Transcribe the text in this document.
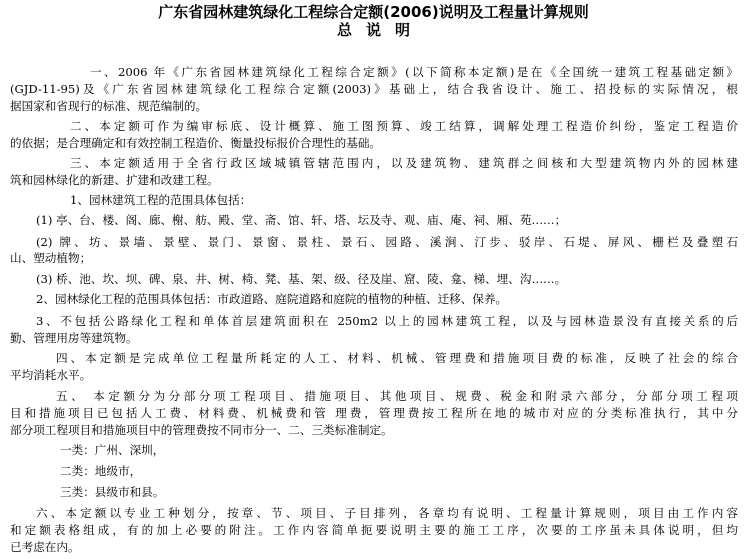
广东省园林建筑绿化工程综合定额(2006)说明及工程量计算规则
总说明
一、2006 年《广东省园林建筑绿化工程综合定额》(以下简称本定额)是在《全国统一建筑工程基础定额》
(GJD-11-95)及《广东省园林建筑绿化工程综合定额(2003)》基础上，结合我省设计、施工、招投标的实际情况，根
据国家和省现行的标准、规范编制的。
二、本定额可作为编审标底、设计概算、施工图预算、竣工结算，调解处理工程造价纠纷，鉴定工程造价
的依据；是合理确定和有效控制工程造价、衡量投标报价合理性的基础。
三、本定额适用于全省行政区域城镇管辖范围内，以及建筑物、建筑群之间核和大型建筑物内外的园林建
筑和园林绿化的新建、扩建和改建工程。
1、园林建筑工程的范围具体包括：
(1) 亭、台、楼、阁、廊、榭、舫、殿、堂、斋、馆、轩、塔、坛及寺、观、庙、庵、祠、厢、苑……；
(2) 牌、坊、景墙、景壁、景门、景窗、景柱、景石、园路、溪涧、汀步、驳岸、石堤、屏风、栅栏及叠塑石
山、塑动植物；
(3) 桥、池、坎、坝、碑、泉、井、树、椅、凳、基、架、级、径及崖、窟、陵、龛、梯、埋、沟……。
2、园林绿化工程的范围具体包括：市政道路、庭院道路和庭院的植物的种植、迁移、保养。
3、不包括公路绿化工程和单体首层建筑面积在 250m2 以上的园林建筑工程，以及与园林造景没有直接关系的后
勤、管理用房等建筑物。
四、本定额是完成单位工程量所耗定的人工、材料、机械、管理费和措施项目费的标准，反映了社会的综合
平均消耗水平。
五、 本定额分为分部分项工程项目、措施项目、其他项目、规费、税金和附录六部分，分部分项工程项
目和措施项目已包括人工费、材料费、机械费和管 理费，管理费按工程所在地的城市对应的分类标准执行，其中分
部分项工程项目和措施项目中的管理费按不同市分一、二、三类标准制定。
一类：广州、深圳，
二类：地级市，
三类：县级市和县。
六、本定额以专业工种划分，按章、节、项目、子目排列，各章均有说明、工程量计算规则，项目由工作内容
和定额表格组成，有的加上必要的附注。工作内容简单扼要说明主要的施工工序，次要的工序虽未具体说明，但均
已考虑在内。
